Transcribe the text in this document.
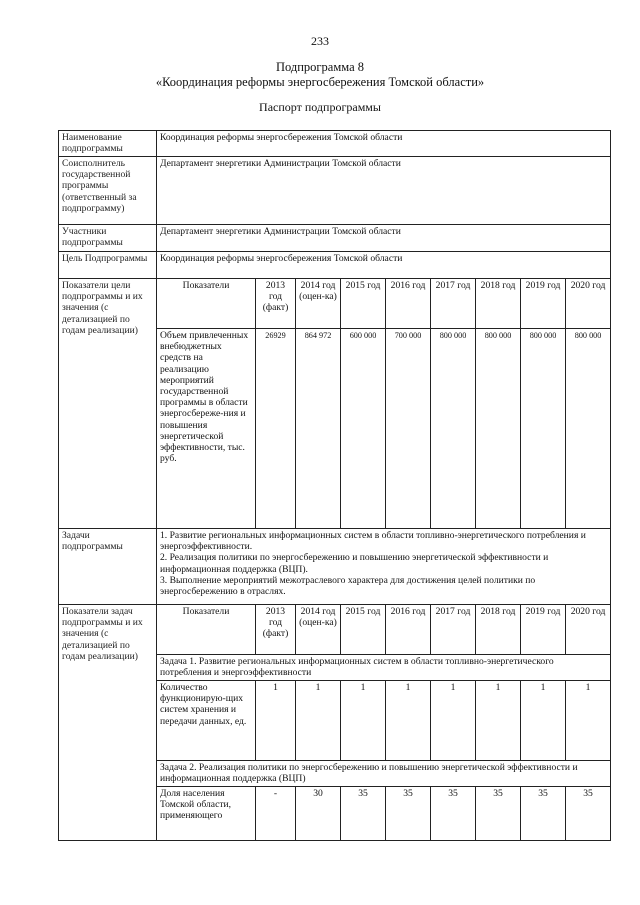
233
Подпрограмма 8
«Координация реформы энергосбережения Томской области»
Паспорт подпрограммы
Наименование подпрограммы	Координация реформы энергосбережения Томской области								
Соисполнитель государственной программы (ответственный за подпрограмму)	Департамент энергетики Администрации Томской области								
Участники подпрограммы	Департамент энергетики Администрации Томской области								
Цель Подпрограммы	Координация реформы энергосбережения Томской области								
Показатели цели подпрограммы и их значения (с детализацией по годам реализации)	Показатели	2013 год (факт)	2014 год (оцен-ка)	2015 год	2016 год	2017 год	2018 год	2019 год	2020 год
	Объем привлеченных внебюджетных средств на реализацию мероприятий государственной программы в области энергосбереже-ния и повышения энергетической эффективности, тыс. руб.	26929	864 972	600 000	700 000	800 000	800 000	800 000	800 000
Задачи подпрограммы	1. Развитие региональных информационных систем в области топливно-энергетического потребления и энергоэффективности.
2. Реализация политики по энергосбережению и повышению энергетической эффективности и информационная поддержка (ВЦП).
3. Выполнение мероприятий межотраслевого характера для достижения целей политики по энергосбережению в отраслях.								

Показатели задач подпрограммы и их значения (с детализацией по годам реализации)	Показатели	2013 год (факт)	2014 год (оцен-ка)	2015 год	2016 год	2017 год	2018 год	2019 год	2020 год
	Задача 1. Развитие региональных информационных систем в области топливно-энергетического потребления и энергоэффективности								
	Количество функционирую-щих систем хранения и передачи данных, ед.	1	1	1	1	1	1	1	1
	Задача 2. Реализация политики по энергосбережению и повышению энергетической эффективности и информационная поддержка (ВЦП)								
	Доля населения Томской области, применяющего	-	30	35	35	35	35	35	35
